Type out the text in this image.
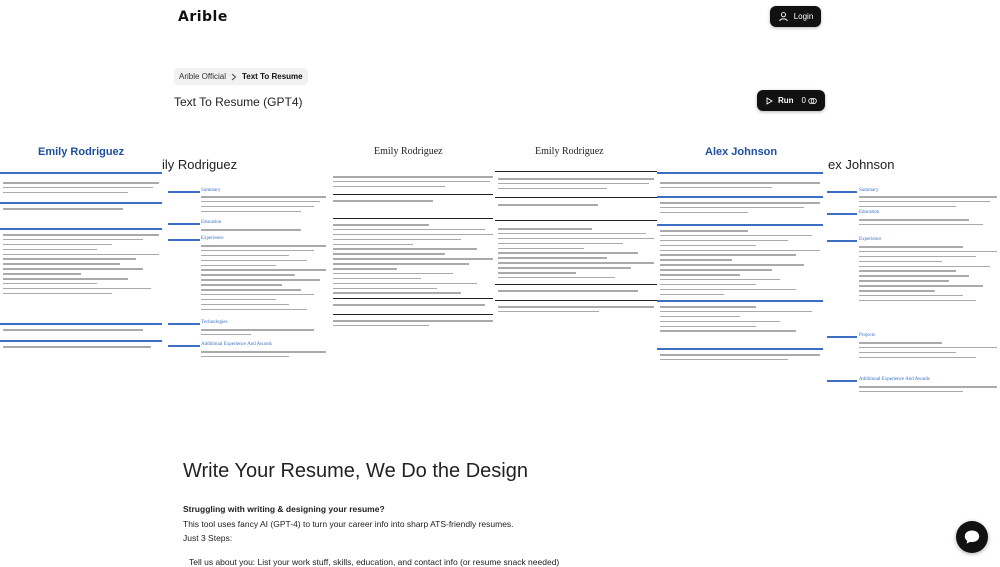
Arible	Login
Arible Official Text To Resume
Text To Resume (GPT4)	Run 0
Emily Rodriguez
ily Rodriguez
Summary
Education
Experience
Technologies
Additional Experience And Awards
Emily Rodriguez	Emily Rodriguez	Alex Johnson
ex Johnson
Summary
Education
Experience
Projects
Additional Experience And Awards
Write Your Resume, We Do the Design
Struggling with writing & designing your resume?
This tool uses fancy AI (GPT-4) to turn your career info into sharp ATS-friendly resumes.
Just 3 Steps:
Tell us about you: List your work stuff, skills, education, and contact info (or resume snack needed)
